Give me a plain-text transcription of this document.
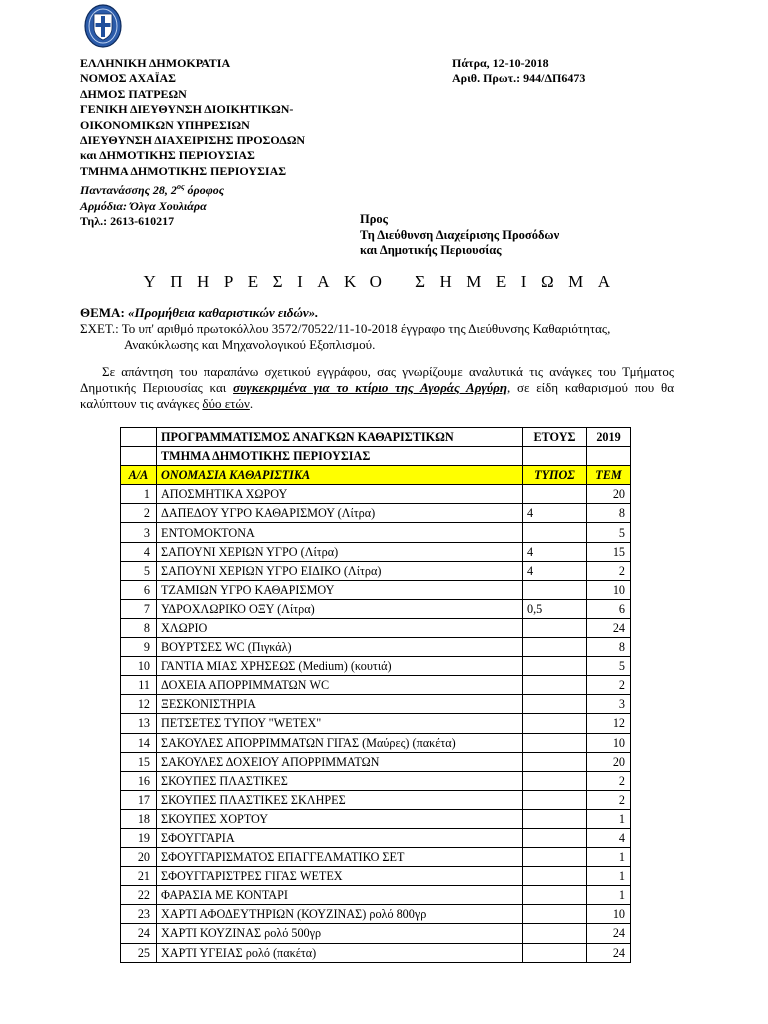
ΕΛΛΗΝΙΚΗ ΔΗΜΟΚΡΑΤΙΑ
ΝΟΜΟΣ ΑΧΑΪΑΣ
ΔΗΜΟΣ ΠΑΤΡΕΩΝ
ΓΕΝΙΚΗ ΔΙΕΥΘΥΝΣΗ ΔΙΟΙΚΗΤΙΚΩΝ-
ΟΙΚΟΝΟΜΙΚΩΝ ΥΠΗΡΕΣΙΩΝ
ΔΙΕΥΘΥΝΣΗ ΔΙΑΧΕΙΡΙΣΗΣ ΠΡΟΣΟΔΩΝ
και ΔΗΜΟΤΙΚΗΣ ΠΕΡΙΟΥΣΙΑΣ
ΤΜΗΜΑ ΔΗΜΟΤΙΚΗΣ ΠΕΡΙΟΥΣΙΑΣ
Παντανάσσης 28, $2^{o\varsigma}$ όροφος
Αρμόδια: Όλγα Χουλιάρα
Τηλ.: 2613-610217
Πάτρα, 12-10-2018
Αριθ. Πρωτ.: 944/ΔΠ6473
Προς
Τη Διεύθυνση Διαχείρισης Προσόδων
και Δημοτικής Περιουσίας
ΥΠΗΡΕΣΙΑΚΟ ΣΗΜΕΙΩΜΑ
ΘΕΜΑ: «Προμήθεια καθαριστικών ειδών».
ΣΧΕΤ.: Το υπ' αριθμό πρωτοκόλλου 3572/70522/11-10-2018 έγγραφο της Διεύθυνσης Καθαριότητας,
Ανακύκλωσης και Μηχανολογικού Εξοπλισμού.
Σε απάντηση του παραπάνω σχετικού εγγράφου, σας γνωρίζουμε αναλυτικά τις ανάγκες του Τμήματος Δημοτικής Περιουσίας και συγκεκριμένα για το κτίριο της Αγοράς Αργύρη, σε είδη καθαρισμού που θα καλύπτουν τις ανάγκες δύο ετών.
	ΠΡΟΓΡΑΜΜΑΤΙΣΜΟΣ ΑΝΑΓΚΩΝ ΚΑΘΑΡΙΣΤΙΚΩΝ	ΕΤΟΥΣ	2019
	ΤΜΗΜΑ ΔΗΜΟΤΙΚΗΣ ΠΕΡΙΟΥΣΙΑΣ		
Α/Α	ΟΝΟΜΑΣΙΑ ΚΑΘΑΡΙΣΤΙΚΑ	ΤΥΠΟΣ	ΤΕΜ
1	ΑΠΟΣΜΗΤΙΚΑ ΧΩΡΟΥ		20
2	ΔΑΠΕΔΟΥ ΥΓΡΟ ΚΑΘΑΡΙΣΜΟΥ (Λίτρα)	4	8
3	ΕΝΤΟΜΟΚΤΟΝΑ		5
4	ΣΑΠΟΥΝΙ ΧΕΡΙΩΝ ΥΓΡΟ (Λίτρα)	4	15
5	ΣΑΠΟΥΝΙ ΧΕΡΙΩΝ ΥΓΡΟ ΕΙΔΙΚΟ (Λίτρα)	4	2
6	ΤΖΑΜΙΩΝ ΥΓΡΟ ΚΑΘΑΡΙΣΜΟΥ		10
7	ΥΔΡΟΧΛΩΡΙΚΟ ΟΞΥ (Λίτρα)	0,5	6
8	ΧΛΩΡΙΟ		24
9	ΒΟΥΡΤΣΕΣ WC (Πιγκάλ)		8
10	ΓΑΝΤΙΑ ΜΙΑΣ ΧΡΗΣΕΩΣ (Medium) (κουτιά)		5
11	ΔΟΧΕΙΑ ΑΠΟΡΡΙΜΜΑΤΩΝ WC		2
12	ΞΕΣΚΟΝΙΣΤΗΡΙΑ		3
13	ΠΕΤΣΕΤΕΣ ΤΥΠΟΥ "WETEX"		12
14	ΣΑΚΟΥΛΕΣ ΑΠΟΡΡΙΜΜΑΤΩΝ ΓΙΓΑΣ (Μαύρες) (πακέτα)		10
15	ΣΑΚΟΥΛΕΣ ΔΟΧΕΙΟΥ ΑΠΟΡΡΙΜΜΑΤΩΝ		20
16	ΣΚΟΥΠΕΣ ΠΛΑΣΤΙΚΕΣ		2
17	ΣΚΟΥΠΕΣ ΠΛΑΣΤΙΚΕΣ ΣΚΛΗΡΕΣ		2
18	ΣΚΟΥΠΕΣ ΧΟΡΤΟΥ		1
19	ΣΦΟΥΓΓΑΡΙΑ		4
20	ΣΦΟΥΓΓΑΡΙΣΜΑΤΟΣ ΕΠΑΓΓΕΛΜΑΤΙΚΟ ΣΕΤ		1
21	ΣΦΟΥΓΓΑΡΙΣΤΡΕΣ ΓΙΓΑΣ WETEX		1
22	ΦΑΡΑΣΙΑ ΜΕ ΚΟΝΤΑΡΙ		1
23	ΧΑΡΤΙ ΑΦΟΔΕΥΤΗΡΙΩΝ (ΚΟΥΖΙΝΑΣ) ρολό 800γρ		10
24	ΧΑΡΤΙ ΚΟΥΖΙΝΑΣ ρολό 500γρ		24
25	ΧΑΡΤΙ ΥΓΕΙΑΣ ρολό (πακέτα)		24
